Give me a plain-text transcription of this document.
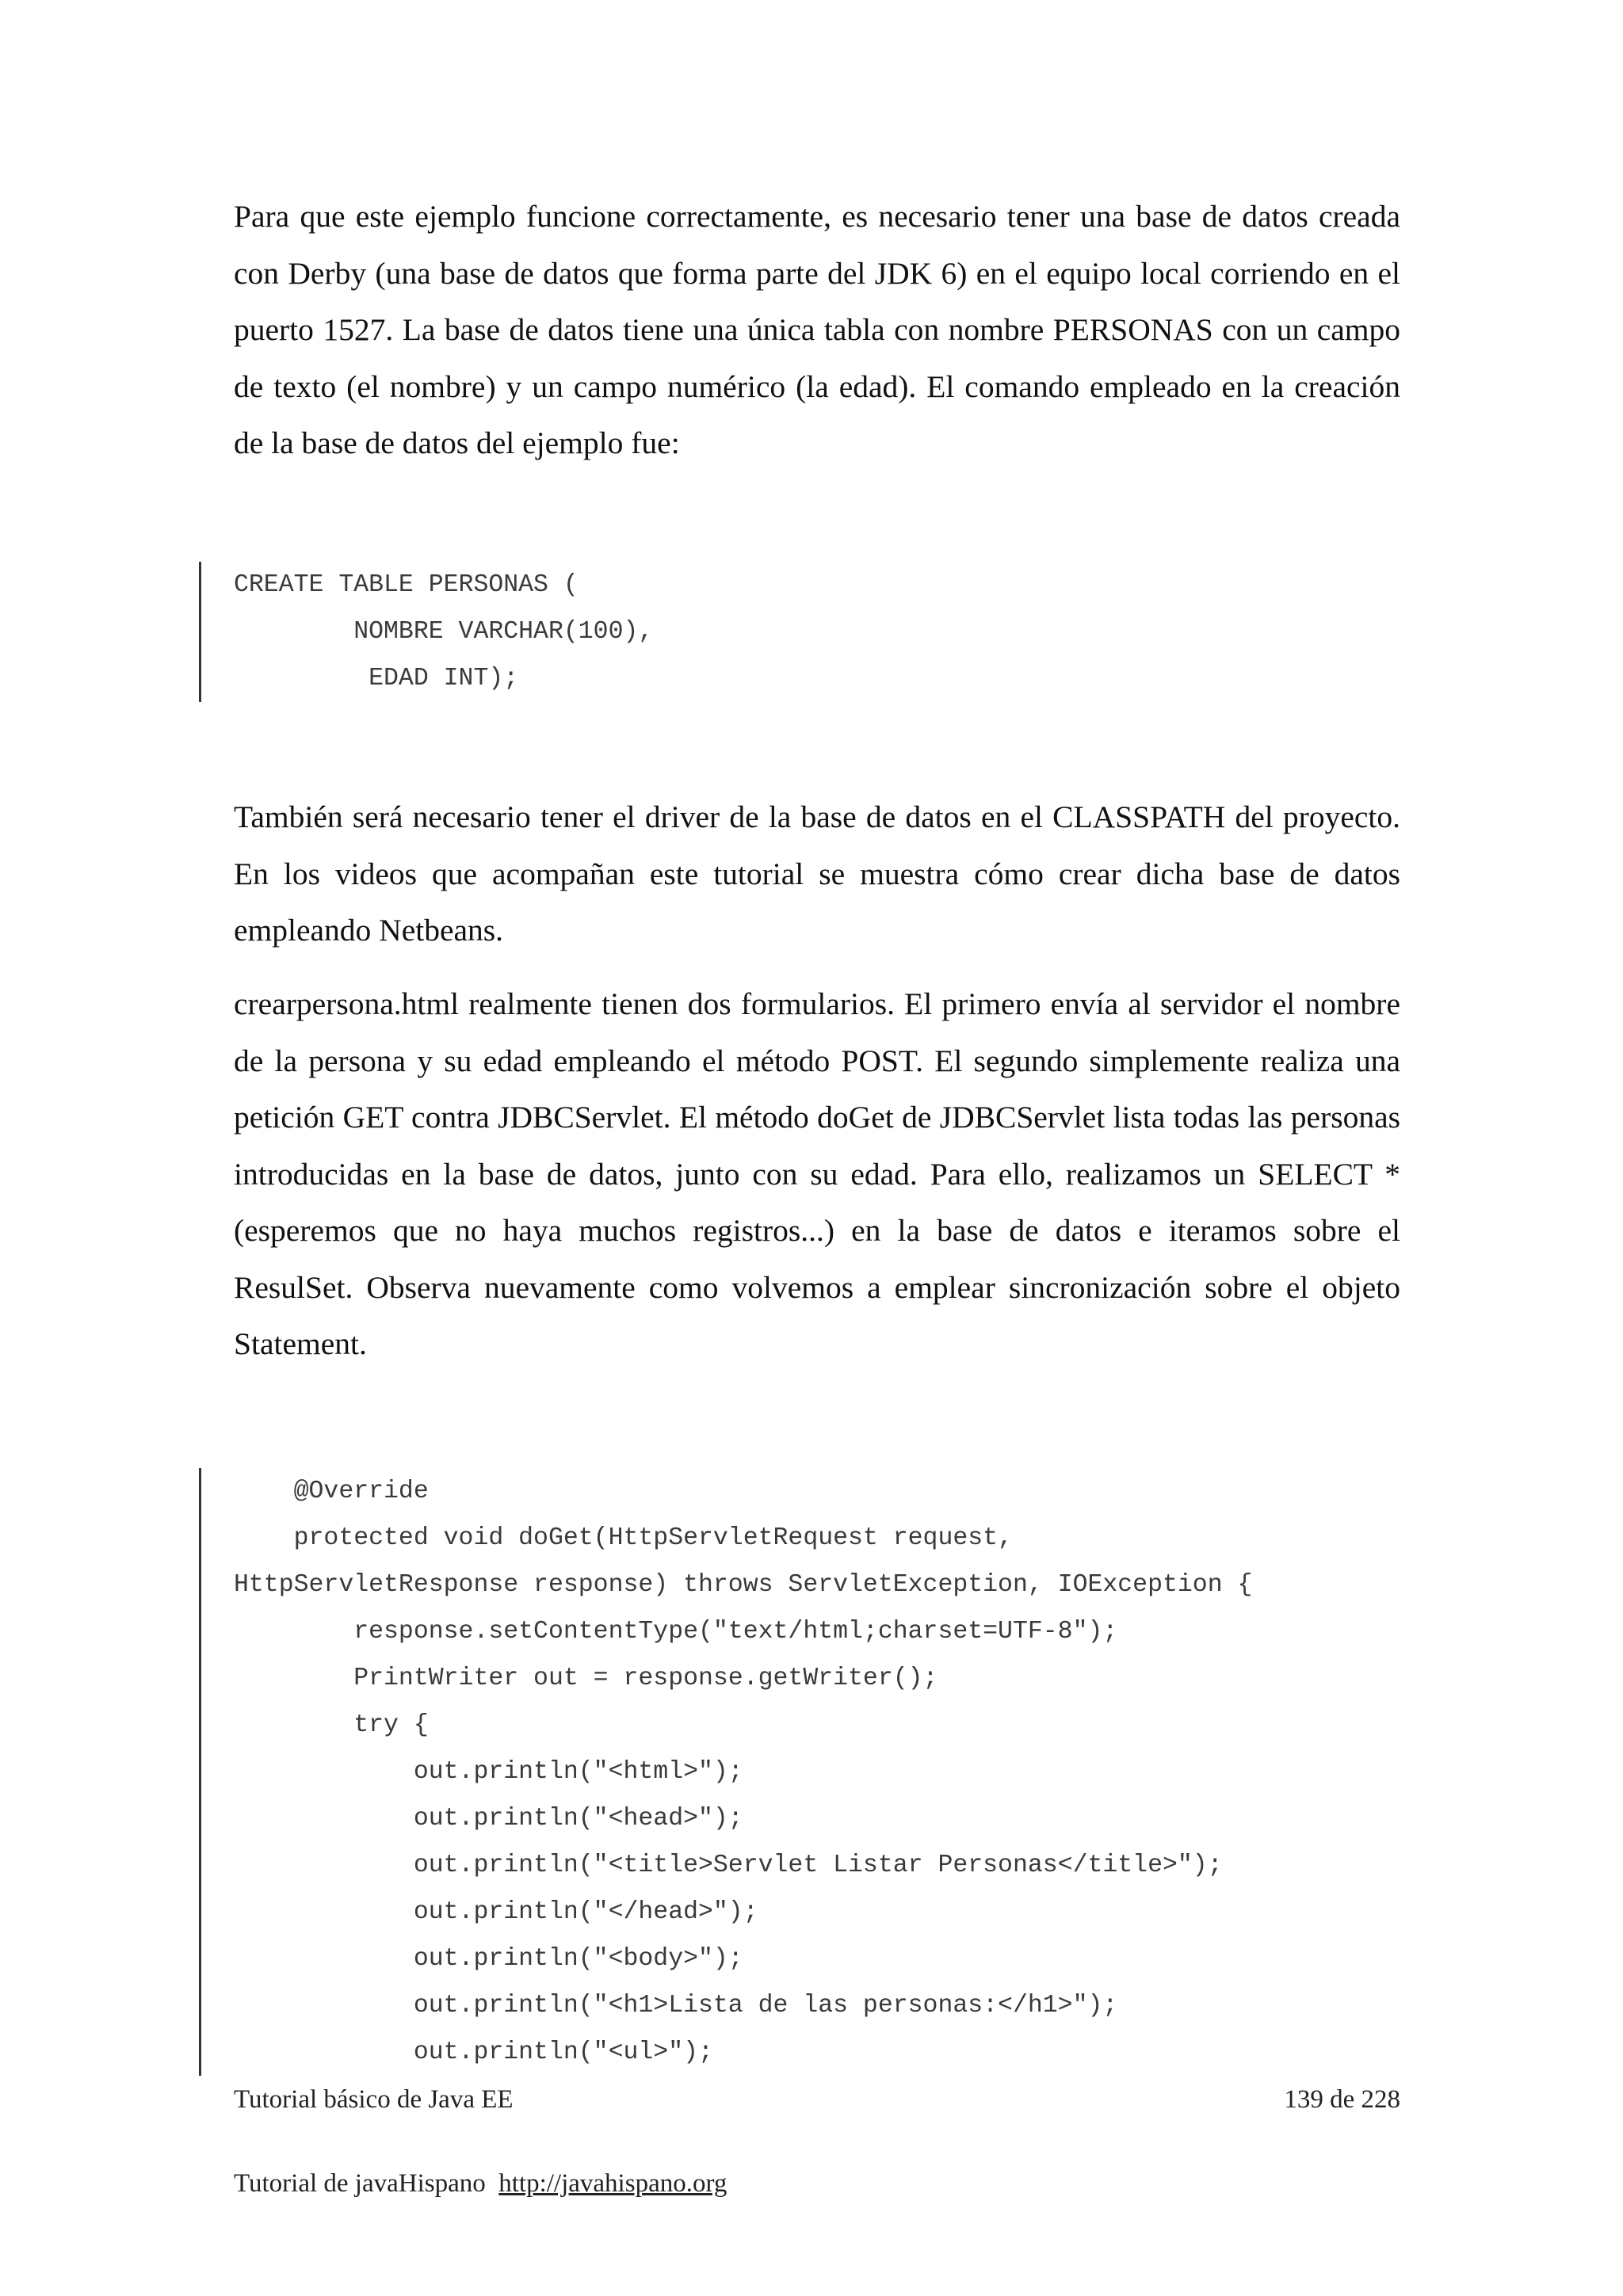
Para que este ejemplo funcione correctamente, es necesario tener una base de datos creada con Derby (una base de datos que forma parte del JDK 6) en el equipo local corriendo en el puerto 1527. La base de datos tiene una única tabla con nombre PERSONAS con un campo de texto (el nombre) y un campo numérico (la edad). El comando empleado en la creación de la base de datos del ejemplo fue:

CREATE TABLE PERSONAS (
NOMBRE VARCHAR(100),
EDAD INT);

También será necesario tener el driver de la base de datos en el CLASSPATH del proyecto. En los videos que acompañan este tutorial se muestra cómo crear dicha base de datos empleando Netbeans.

crearpersona.html realmente tienen dos formularios. El primero envía al servidor el nombre de la persona y su edad empleando el método POST. El segundo simplemente realiza una petición GET contra JDBCServlet. El método doGet de JDBCServlet lista todas las personas introducidas en la base de datos, junto con su edad. Para ello, realizamos un SELECT * (esperemos que no haya muchos registros...) en la base de datos e iteramos sobre el ResulSet. Observa nuevamente como volvemos a emplear sincronización sobre el objeto Statement.

@Override
protected void doGet(HttpServletRequest request,
HttpServletResponse response) throws ServletException, IOException {
response.setContentType("text/html;charset=UTF-8");
PrintWriter out = response.getWriter();
try {
out.println("<html>");
out.println("<head>");
out.println("<title>Servlet Listar Personas</title>");
out.println("</head>");
out.println("<body>");
out.println("<h1>Lista de las personas:</h1>");
out.println("<ul>");
Tutorial básico de Java EE	139 de 228
Tutorial de javaHispano http://javahispano.org
